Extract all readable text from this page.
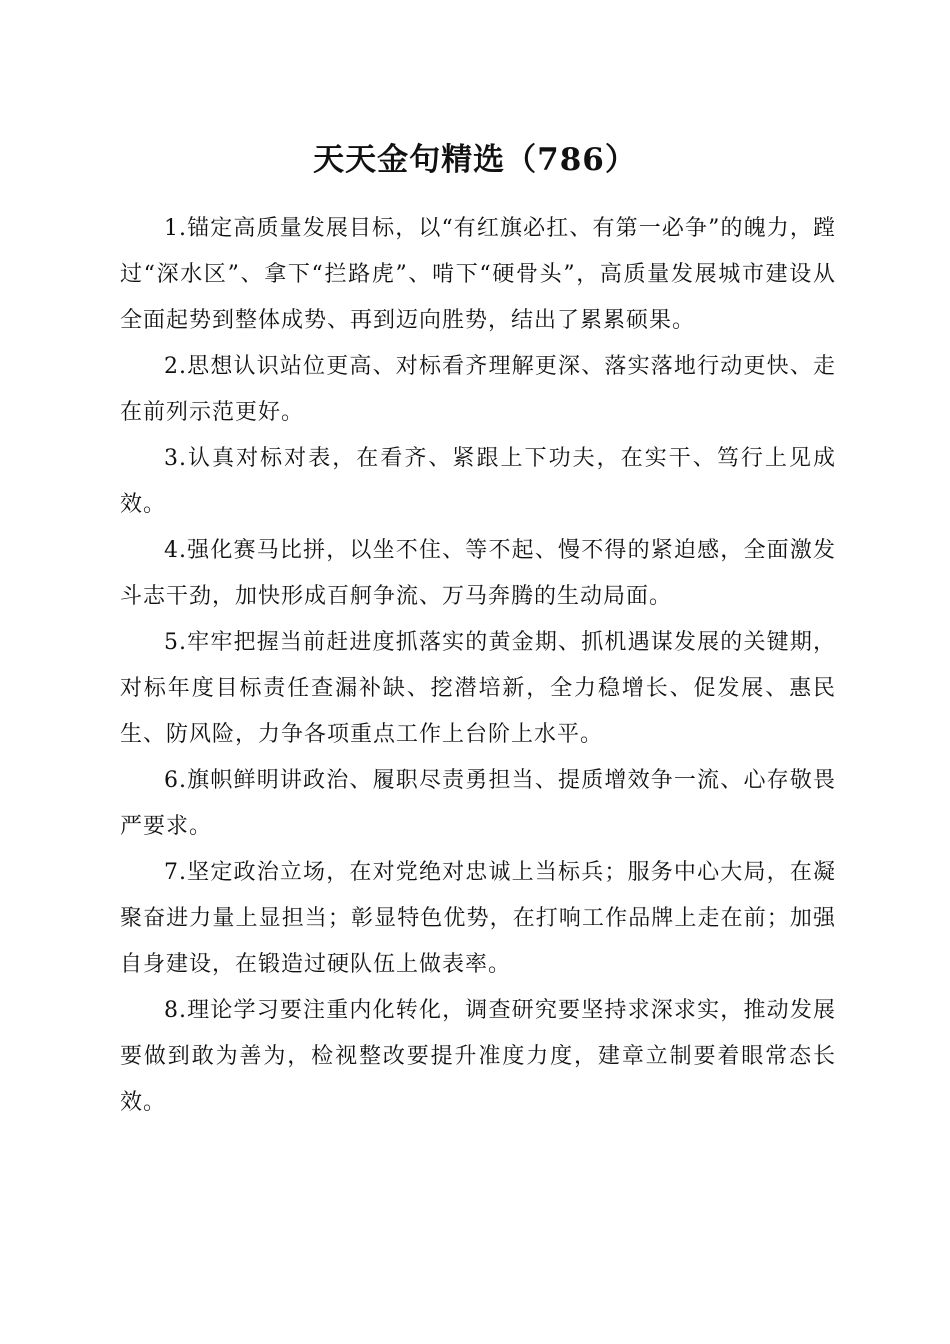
天天金句精选（786）

1.锚定高质量发展目标，以“有红旗必扛、有第一必争”的魄力，蹚过“深水区”、拿下“拦路虎”、啃下“硬骨头”，高质量发展城市建设从全面起势到整体成势、再到迈向胜势，结出了累累硕果。

2.思想认识站位更高、对标看齐理解更深、落实落地行动更快、走在前列示范更好。

3.认真对标对表，在看齐、紧跟上下功夫，在实干、笃行上见成效。

4.强化赛马比拼，以坐不住、等不起、慢不得的紧迫感，全面激发斗志干劲，加快形成百舸争流、万马奔腾的生动局面。

5.牢牢把握当前赶进度抓落实的黄金期、抓机遇谋发展的关键期，对标年度目标责任查漏补缺、挖潜培新，全力稳增长、促发展、惠民生、防风险，力争各项重点工作上台阶上水平。

6.旗帜鲜明讲政治、履职尽责勇担当、提质增效争一流、心存敬畏严要求。

7.坚定政治立场，在对党绝对忠诚上当标兵；服务中心大局，在凝聚奋进力量上显担当；彰显特色优势，在打响工作品牌上走在前；加强自身建设，在锻造过硬队伍上做表率。

8.理论学习要注重内化转化，调查研究要坚持求深求实，推动发展要做到敢为善为，检视整改要提升准度力度，建章立制要着眼常态长效。
